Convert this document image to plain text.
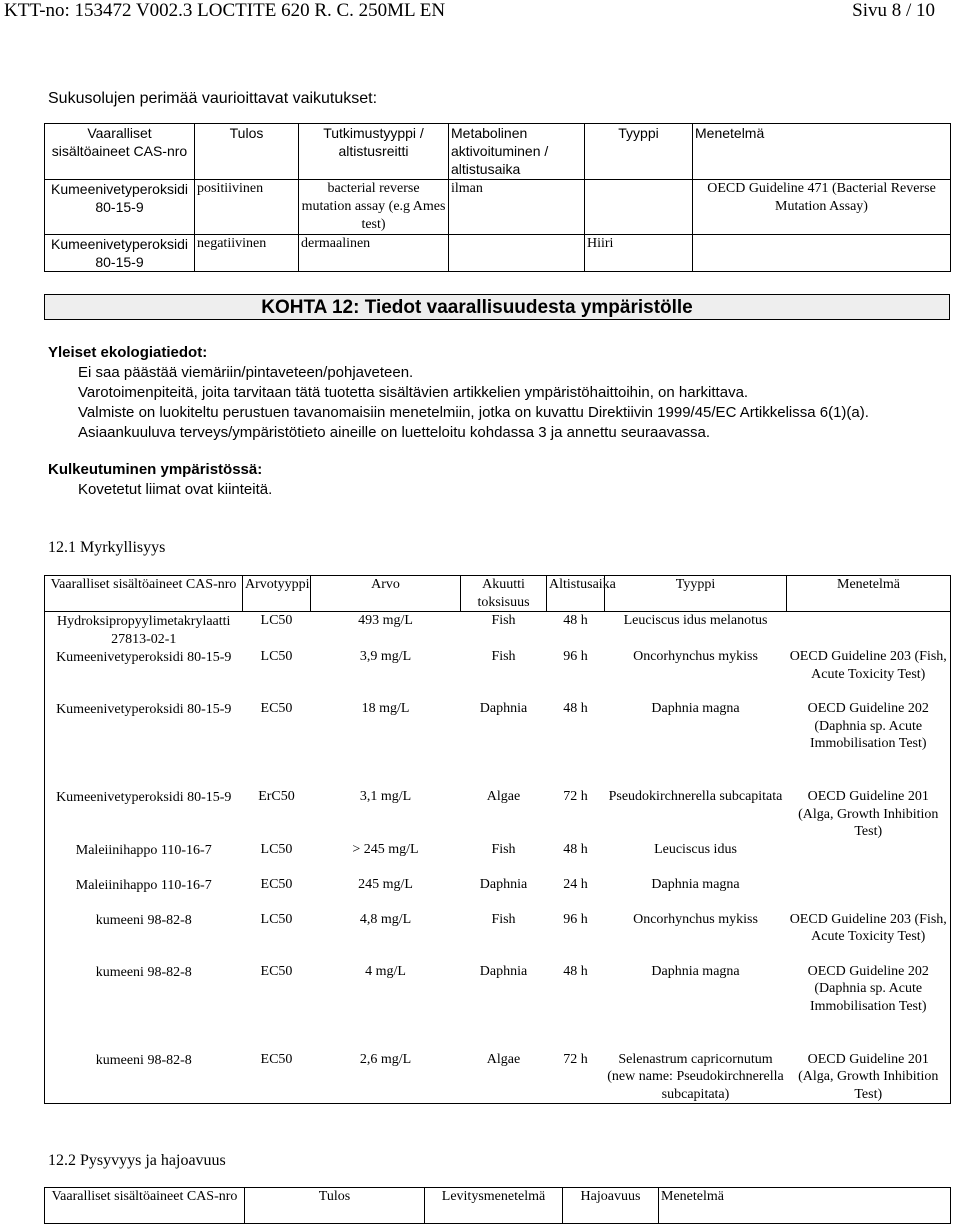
KTT-no: 153472 V002.3 LOCTITE 620 R. C. 250ML EN	Sivu 8 / 10
Sukusolujen perimää vaurioittavat vaikutukset:
Vaaralliset sisältöaineet CAS-nro	Tulos	Tutkimustyyppi / altistusreitti	Metabolinen aktivoituminen / altistusaika	Tyyppi	Menetelmä
Kumeenivetyperoksidi 80-15-9	positiivinen	bacterial reverse mutation assay (e.g Ames test)	ilman		OECD Guideline 471 (Bacterial Reverse Mutation Assay)
Kumeenivetyperoksidi 80-15-9	negatiivinen	dermaalinen		Hiiri	
KOHTA 12: Tiedot vaarallisuudesta ympäristölle
Yleiset ekologiatiedot:
Ei saa päästää viemäriin/pintaveteen/pohjaveteen.
Varotoimenpiteitä, joita tarvitaan tätä tuotetta sisältävien artikkelien ympäristöhaittoihin, on harkittava.
Valmiste on luokiteltu perustuen tavanomaisiin menetelmiin, jotka on kuvattu Direktiivin 1999/45/EC Artikkelissa 6(1)(a).
Asiaankuuluva terveys/ympäristötieto aineille on luetteloitu kohdassa 3 ja annettu seuraavassa.
Kulkeutuminen ympäristössä:
Kovetetut liimat ovat kiinteitä.
12.1 Myrkyllisyys
Vaaralliset sisältöaineet CAS-nro	Arvotyyppi	Arvo	Akuutti toksisuus	Altistusaika	Tyyppi	Menetelmä
Hydroksipropyylimetakrylaatti 27813-02-1	LC50	493 mg/L	Fish	48 h	Leuciscus idus melanotus	
Kumeenivetyperoksidi 80-15-9	LC50	3,9 mg/L	Fish	96 h	Oncorhynchus mykiss	OECD Guideline 203 (Fish, Acute Toxicity Test)
Kumeenivetyperoksidi 80-15-9	EC50	18 mg/L	Daphnia	48 h	Daphnia magna	OECD Guideline 202 (Daphnia sp. Acute Immobilisation Test)
Kumeenivetyperoksidi 80-15-9	ErC50	3,1 mg/L	Algae	72 h	Pseudokirchnerella subcapitata	OECD Guideline 201 (Alga, Growth Inhibition Test)
Maleiinihappo 110-16-7	LC50	> 245 mg/L	Fish	48 h	Leuciscus idus	
Maleiinihappo 110-16-7	EC50	245 mg/L	Daphnia	24 h	Daphnia magna	
kumeeni 98-82-8	LC50	4,8 mg/L	Fish	96 h	Oncorhynchus mykiss	OECD Guideline 203 (Fish, Acute Toxicity Test)
kumeeni 98-82-8	EC50	4 mg/L	Daphnia	48 h	Daphnia magna	OECD Guideline 202 (Daphnia sp. Acute Immobilisation Test)
kumeeni 98-82-8	EC50	2,6 mg/L	Algae	72 h	Selenastrum capricornutum (new name: Pseudokirchnerella subcapitata)	OECD Guideline 201 (Alga, Growth Inhibition Test)
12.2 Pysyvyys ja hajoavuus
Vaaralliset sisältöaineet CAS-nro	Tulos	Levitysmenetelmä	Hajoavuus	Menetelmä
